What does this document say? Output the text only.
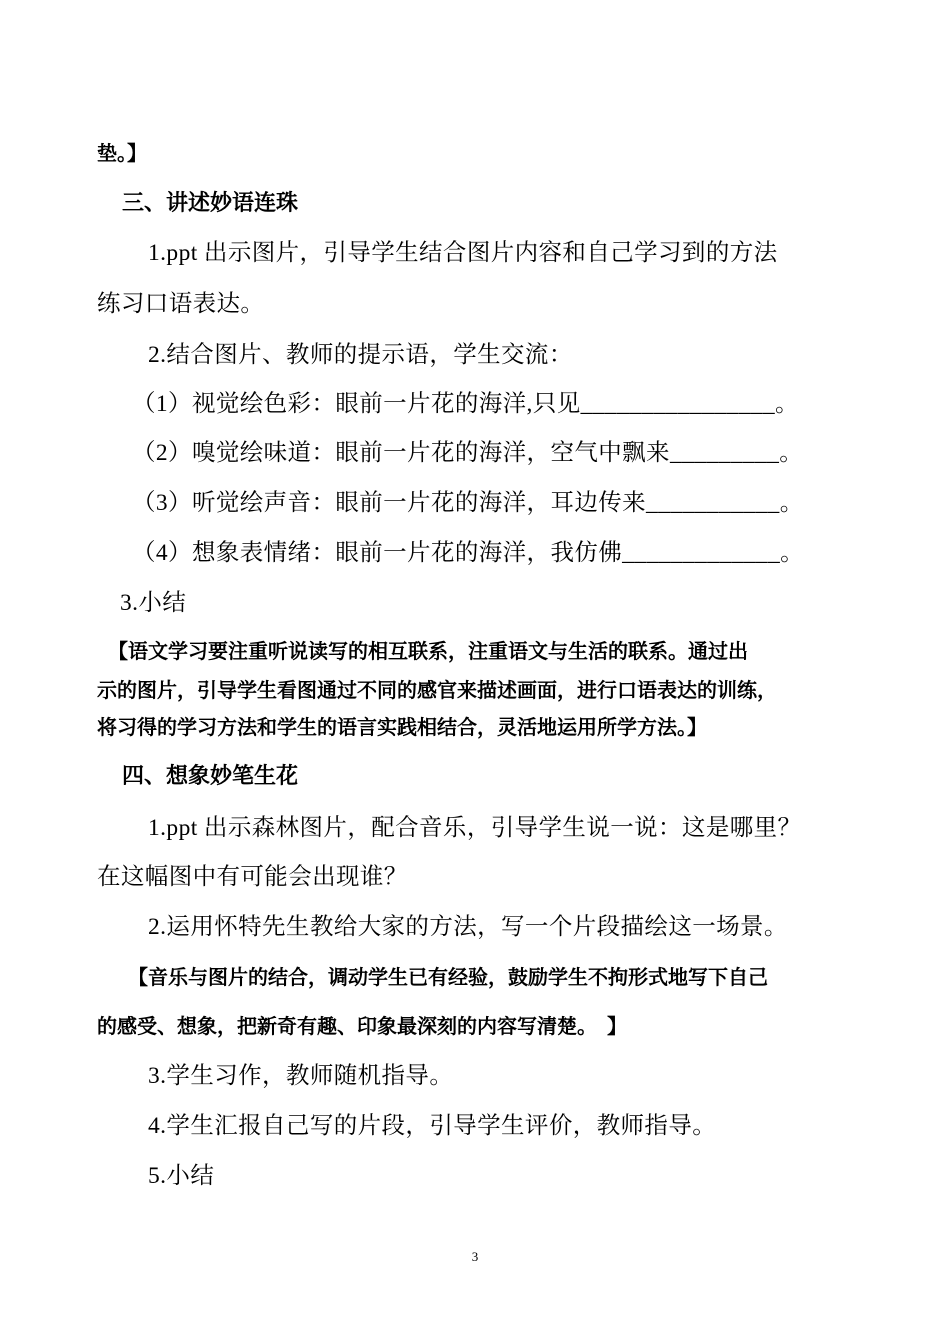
垫。】
三、讲述妙语连珠
1.ppt 出示图片，引导学生结合图片内容和自己学习到的方法
练习口语表达。
2.结合图片、教师的提示语，学生交流：
（1）视觉绘色彩：眼前一片花的海洋,只见________________。
（2）嗅觉绘味道：眼前一片花的海洋，空气中飘来_________。
（3）听觉绘声音：眼前一片花的海洋，耳边传来___________。
（4）想象表情绪：眼前一片花的海洋，我仿佛_____________。
3.小结
【语文学习要注重听说读写的相互联系，注重语文与生活的联系。通过出
示的图片，引导学生看图通过不同的感官来描述画面，进行口语表达的训练，
将习得的学习方法和学生的语言实践相结合，灵活地运用所学方法。】
四、想象妙笔生花
1.ppt 出示森林图片，配合音乐，引导学生说一说：这是哪里？
在这幅图中有可能会出现谁？
2.运用怀特先生教给大家的方法，写一个片段描绘这一场景。
【音乐与图片的结合，调动学生已有经验，鼓励学生不拘形式地写下自己
的感受、想象，把新奇有趣、印象最深刻的内容写清楚。　】
3.学生习作，教师随机指导。
4.学生汇报自己写的片段，引导学生评价，教师指导。
5.小结
3
